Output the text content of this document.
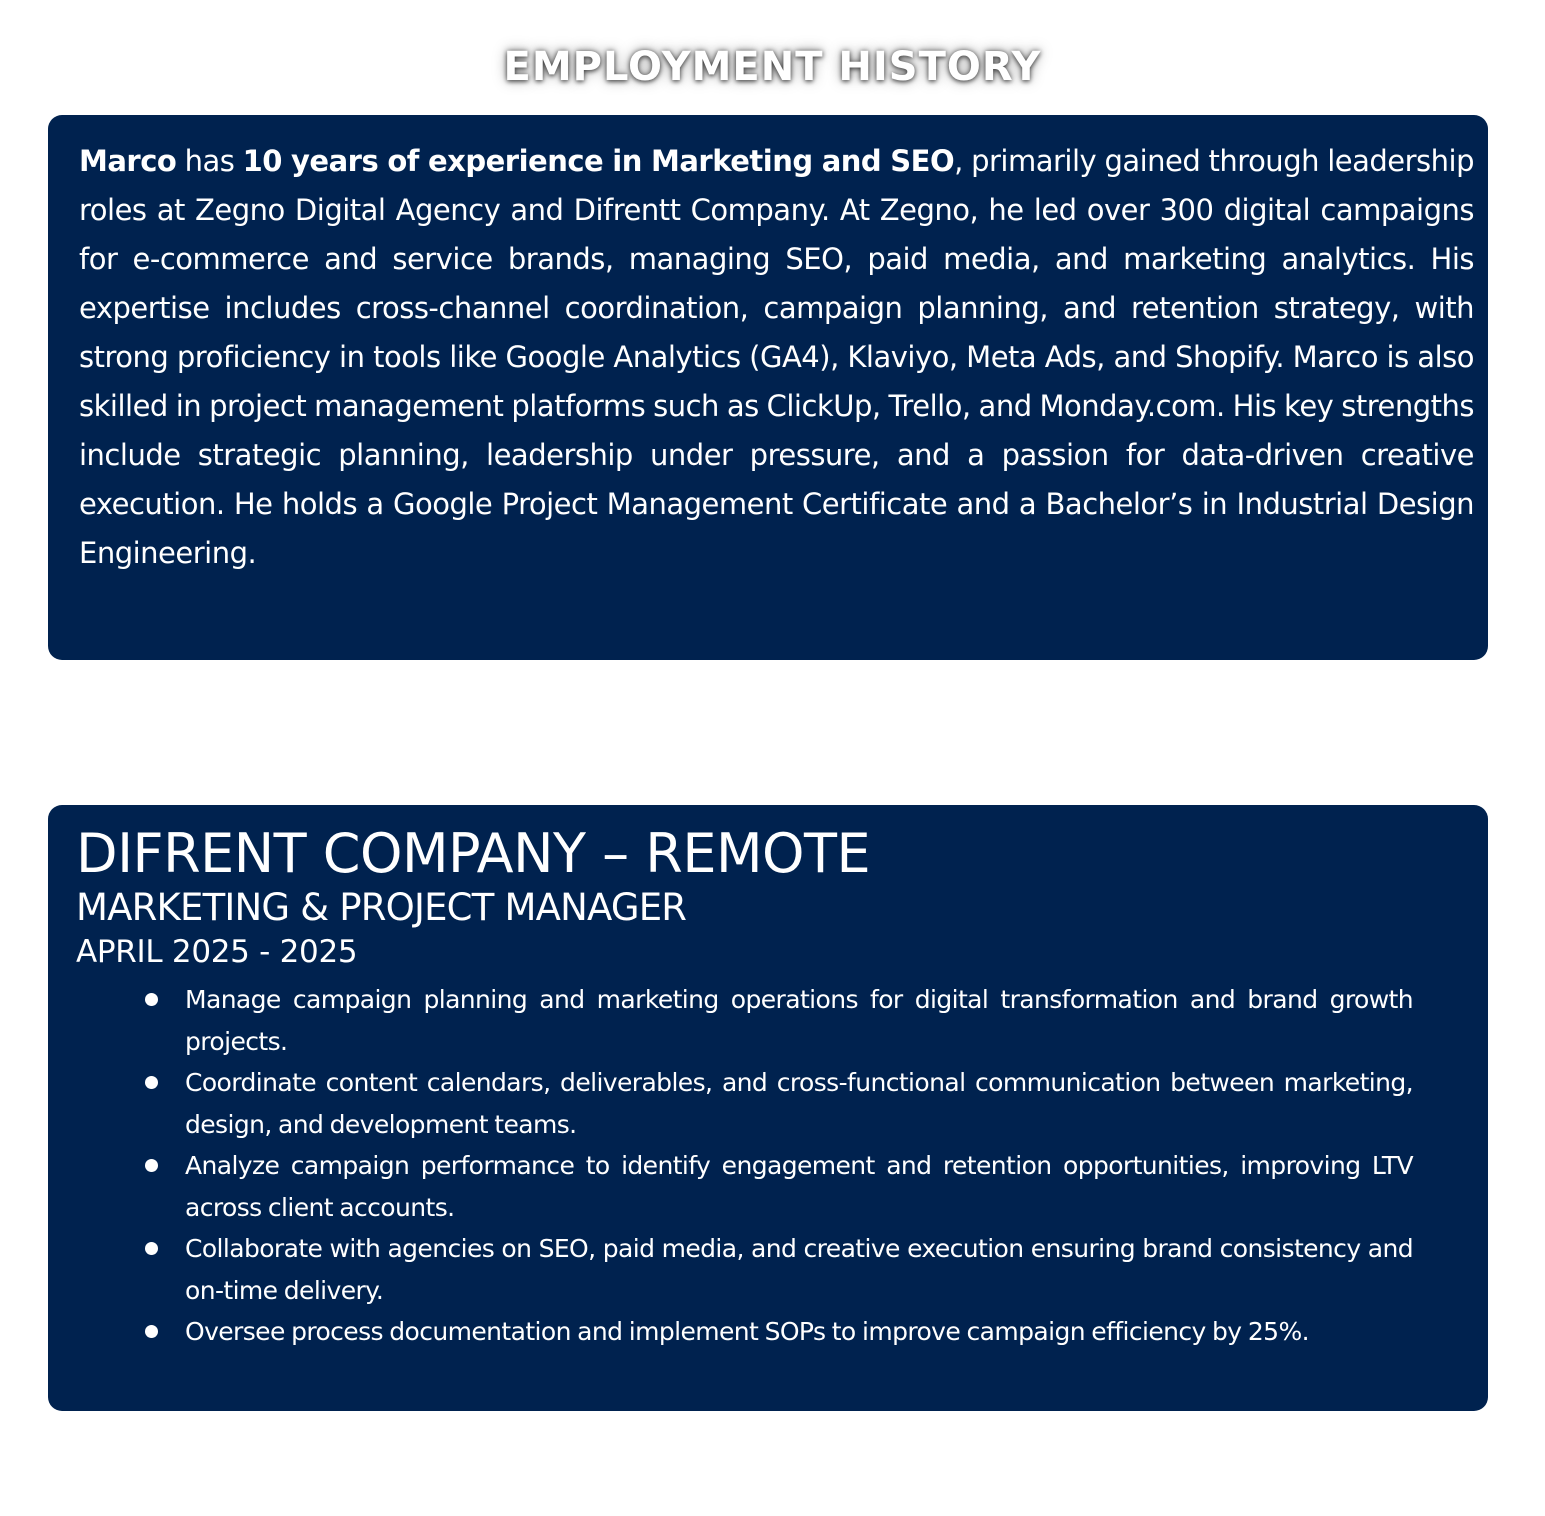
EMPLOYMENT HISTORY

Marco has 10 years of experience in Marketing and SEO, primarily gained through leadership roles at Zegno Digital Agency and Difrentt Company. At Zegno, he led over 300 digital campaigns for e-commerce and service brands, managing SEO, paid media, and marketing analytics. His expertise includes cross-channel coordination, campaign planning, and retention strategy, with strong proficiency in tools like Google Analytics (GA4), Klaviyo, Meta Ads, and Shopify. Marco is also skilled in project management platforms such as ClickUp, Trello, and Monday.com. His key strengths include strategic planning, leadership under pressure, and a passion for data-driven creative execution. He holds a Google Project Management Certificate and a Bachelor’s in Industrial Design Engineering.

DIFRENT COMPANY – REMOTE
MARKETING & PROJECT MANAGER
APRIL 2025 - 2025
Manage campaign planning and marketing operations for digital transformation and brand growth projects.
Coordinate content calendars, deliverables, and cross-functional communication between marketing, design, and development teams.
Analyze campaign performance to identify engagement and retention opportunities, improving LTV across client accounts.
Collaborate with agencies on SEO, paid media, and creative execution ensuring brand consistency and on-time delivery.
Oversee process documentation and implement SOPs to improve campaign efficiency by 25%.
